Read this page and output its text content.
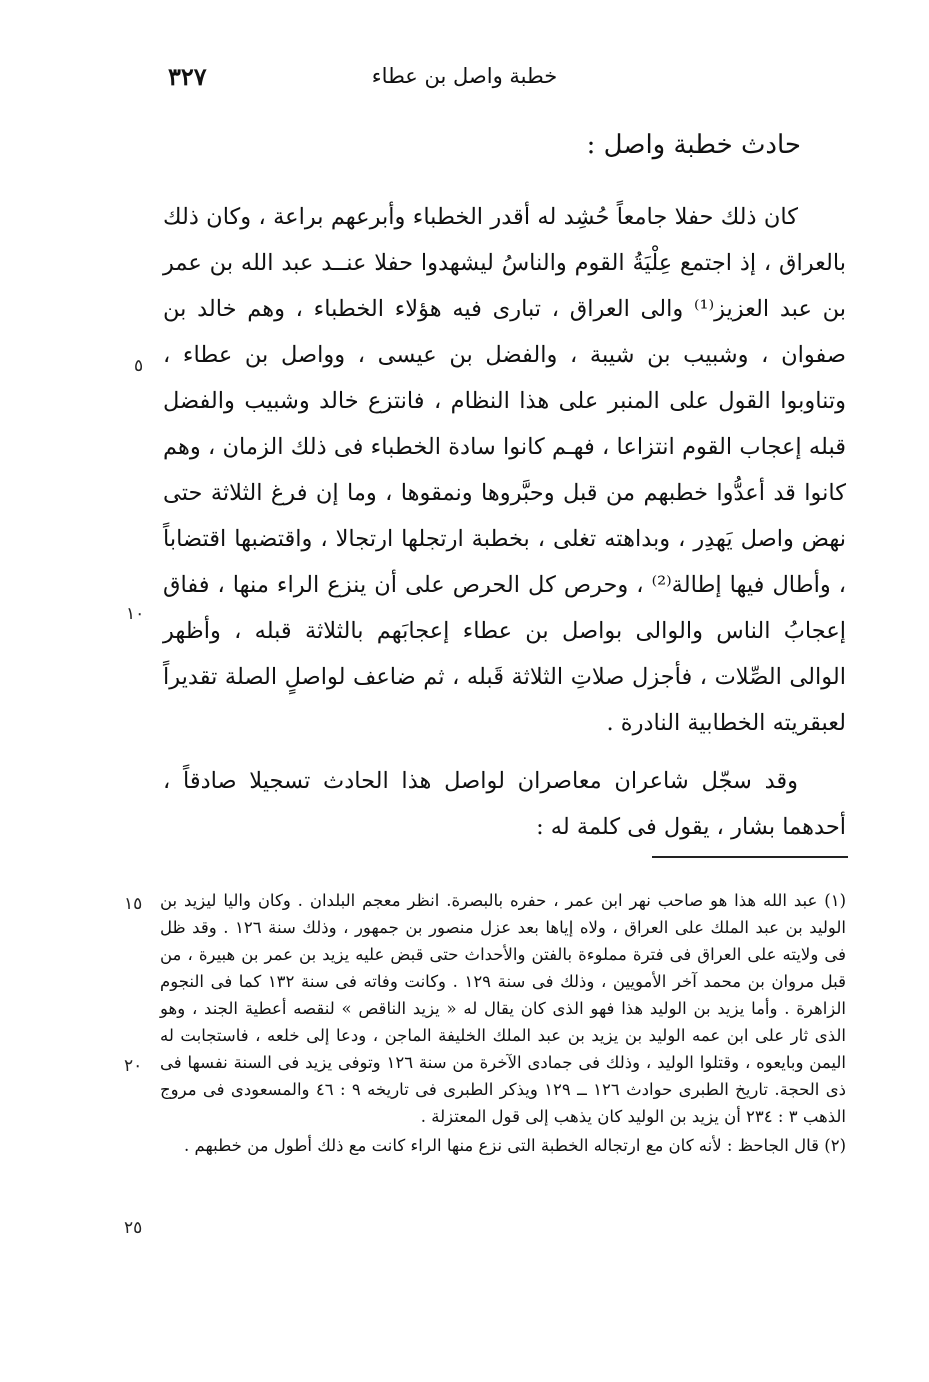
خطبة واصل بن عطاء
٣٢٧
حادث خطبة واصل :

كان ذلك حفلا جامعاً حُشِد له أقدر الخطباء وأبرعهم براعة ، وكان ذلك بالعراق ، إذ اجتمع عِلْيَةُ القوم والناسُ ليشهدوا حفلا عنــد عبد الله بن عمر بن عبد العزيز⁽¹⁾ والى العراق ، تبارى فيه هؤلاء الخطباء ، وهم خالد بن صفوان ، وشبيب بن شيبة ، والفضل بن عيسى ، وواصل بن عطاء ، وتناوبوا القول على المنبر على هذا النظام ، فانتزع خالد وشبيب والفضل قبله إعجاب القوم انتزاعا ، فهـم كانوا سادة الخطباء فى ذلك الزمان ، وهم كانوا قد أعدُّوا خطبهم من قبل وحبَّروها ونمقوها ، وما إن فرغ الثلاثة حتى نهض واصل يَهدِر ، وبداهته تغلى ، بخطبة ارتجلها ارتجالا ، واقتضبها اقتضاباً ، وأطال فيها إطالة⁽²⁾ ، وحرص كل الحرص على أن ينزع الراء منها ، ففاق إعجابُ الناس والوالى بواصل بن عطاء إعجابَهم بالثلاثة قبله ، وأظهر الوالى الصِّلات ، فأجزل صلاتِ الثلاثة قَبله ، ثم ضاعف لواصلٍ الصلة تقديراً لعبقريته الخطابية النادرة .

وقد سجّل شاعران معاصران لواصل هذا الحادث تسجيلا صادقاً ، أحدهما بشار ، يقول فى كلمة له :

٥
١٠

(١) عبد الله هذا هو صاحب نهر ابن عمر ، حفره بالبصرة. انظر معجم البلدان . وكان واليا ليزيد بن الوليد بن عبد الملك على العراق ، ولاه إياها بعد عزل منصور بن جمهور ، وذلك سنة ١٢٦ . وقد ظل فى ولايته على العراق فى فترة مملوءة بالفتن والأحداث حتى قبض عليه يزيد بن عمر بن هبيرة ، من قبل مروان بن محمد آخر الأمويين ، وذلك فى سنة ١٢٩ . وكانت وفاته فى سنة ١٣٢ كما فى النجوم الزاهرة . وأما يزيد بن الوليد هذا فهو الذى كان يقال له « يزيد الناقص » لنقصه أعطية الجند ، وهو الذى ثار على ابن عمه الوليد بن يزيد بن عبد الملك الخليفة الماجن ، ودعا إلى خلعه ، فاستجابت له اليمن وبايعوه ، وقتلوا الوليد ، وذلك فى جمادى الآخرة من سنة ١٢٦ وتوفى يزيد فى السنة نفسها فى ذى الحجة. تاريخ الطبرى حوادث ١٢٦ ــ ١٢٩ ويذكر الطبرى فى تاريخه ٩ : ٤٦ والمسعودى فى مروج الذهب ٣ : ٢٣٤ أن يزيد بن الوليد كان يذهب إلى قول المعتزلة .

(٢) قال الجاحظ : لأنه كان مع ارتجاله الخطبة التى نزع منها الراء كانت مع ذلك أطول من خطبهم .

١٥
٢٠
٢٥
